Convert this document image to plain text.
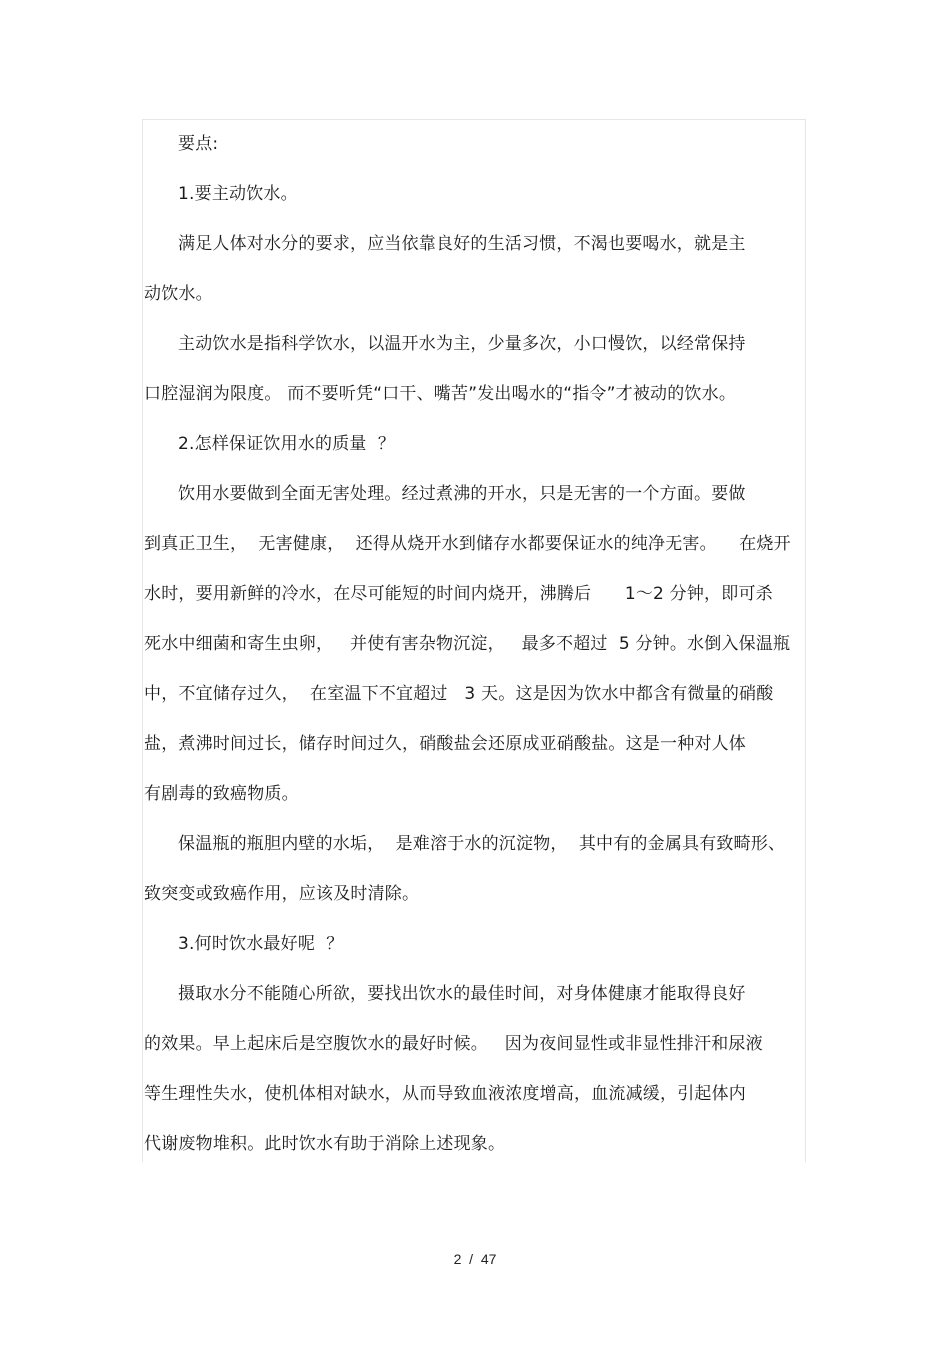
要点:
1.要主动饮水。
满足人体对水分的要求，应当依靠良好的生活习惯，不渴也要喝水，就是主
动饮水。
主动饮水是指科学饮水，以温开水为主，少量多次，小口慢饮，以经常保持
口腔湿润为限度。 而不要听凭“口干、嘴苦”发出喝水的“指令”才被动的饮水。
2.怎样保证饮用水的质量  ？
饮用水要做到全面无害处理。经过煮沸的开水，只是无害的一个方面。要做
到真正卫生，  无害健康，  还得从烧开水到储存水都要保证水的纯净无害。    在烧开
水时，要用新鲜的冷水，在尽可能短的时间内烧开，沸腾后      1～2 分钟，即可杀
死水中细菌和寄生虫卵，   并使有害杂物沉淀，   最多不超过  5 分钟。水倒入保温瓶
中，不宜储存过久，  在室温下不宜超过   3 天。这是因为饮水中都含有微量的硝酸
盐，煮沸时间过长，储存时间过久，硝酸盐会还原成亚硝酸盐。这是一种对人体
有剧毒的致癌物质。
保温瓶的瓶胆内壁的水垢，  是难溶于水的沉淀物，  其中有的金属具有致畸形、
致突变或致癌作用，应该及时清除。
3.何时饮水最好呢  ？
摄取水分不能随心所欲，要找出饮水的最佳时间，对身体健康才能取得良好
的效果。早上起床后是空腹饮水的最好时候。   因为夜间显性或非显性排汗和尿液
等生理性失水，使机体相对缺水，从而导致血液浓度增高，血流减缓，引起体内
代谢废物堆积。此时饮水有助于消除上述现象。
2  /  47
